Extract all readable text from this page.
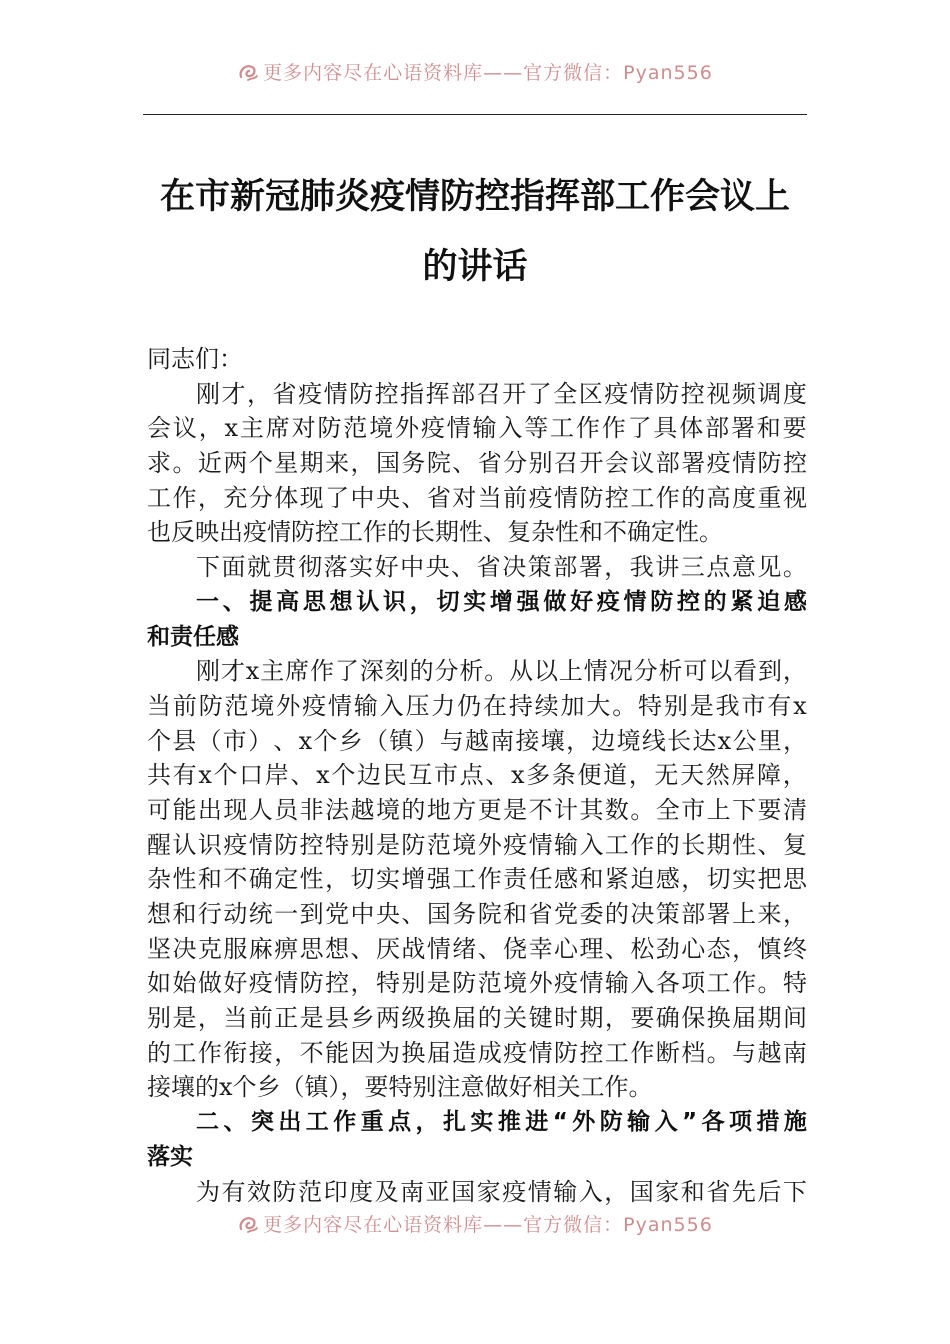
更多内容尽在心语资料库——官方微信：Pyan556
在市新冠肺炎疫情防控指挥部工作会议上
的讲话
同志们：
刚 才 ， 省 疫 情 防 控 指 挥 部 召 开 了 全 区 疫 情 防 控 视 频 调 度
会 议 ， x 主 席 对 防 范 境 外 疫 情 输 入 等 工 作 作 了 具 体 部 署 和 要
求 。 近 两 个 星 期 来 ， 国 务 院 、 省 分 别 召 开 会 议 部 署 疫 情 防 控
工 作 ， 充 分 体 现 了 中 央 、 省 对 当 前 疫 情 防 控 工 作 的 高 度 重 视
也反映出疫情防控工作的长期性、复杂性和不确定性。
下 面 就 贯 彻 落 实 好 中 央 、 省 决 策 部 署 ， 我 讲 三 点 意 见 。
一 、 提 高 思 想 认 识 ， 切 实 增 强 做 好 疫 情 防 控 的 紧 迫 感
和责任感
刚 才 x 主 席 作 了 深 刻 的 分 析 。 从 以 上 情 况 分 析 可 以 看 到 ，
当 前 防 范 境 外 疫 情 输 入 压 力 仍 在 持 续 加 大 。 特 别 是 我 市 有 x
个 县 （ 市 ） 、 x 个 乡 （ 镇 ） 与 越 南 接 壤 ， 边 境 线 长 达 x 公 里 ，
共 有 x 个 口 岸 、 x 个 边 民 互 市 点 、 x 多 条 便 道 ， 无 天 然 屏 障 ，
可 能 出 现 人 员 非 法 越 境 的 地 方 更 是 不 计 其 数 。 全 市 上 下 要 清
醒 认 识 疫 情 防 控 特 别 是 防 范 境 外 疫 情 输 入 工 作 的 长 期 性 、 复
杂 性 和 不 确 定 性 ， 切 实 增 强 工 作 责 任 感 和 紧 迫 感 ， 切 实 把 思
想 和 行 动 统 一 到 党 中 央 、 国 务 院 和 省 党 委 的 决 策 部 署 上 来 ，
坚 决 克 服 麻 痹 思 想 、 厌 战 情 绪 、 侥 幸 心 理 、 松 劲 心 态 ， 慎 终
如 始 做 好 疫 情 防 控 ， 特 别 是 防 范 境 外 疫 情 输 入 各 项 工 作 。 特
别 是 ， 当 前 正 是 县 乡 两 级 换 届 的 关 键 时 期 ， 要 确 保 换 届 期 间
的 工 作 衔 接 ， 不 能 因 为 换 届 造 成 疫 情 防 控 工 作 断 档 。 与 越 南
接壤的x个乡（镇），要特别注意做好相关工作。
二 、 突 出 工 作 重 点 ， 扎 实 推 进 “ 外 防 输 入 ” 各 项 措 施
落实
为 有 效 防 范 印 度 及 南 亚 国 家 疫 情 输 入 ， 国 家 和 省 先 后 下
更多内容尽在心语资料库——官方微信：Pyan556
